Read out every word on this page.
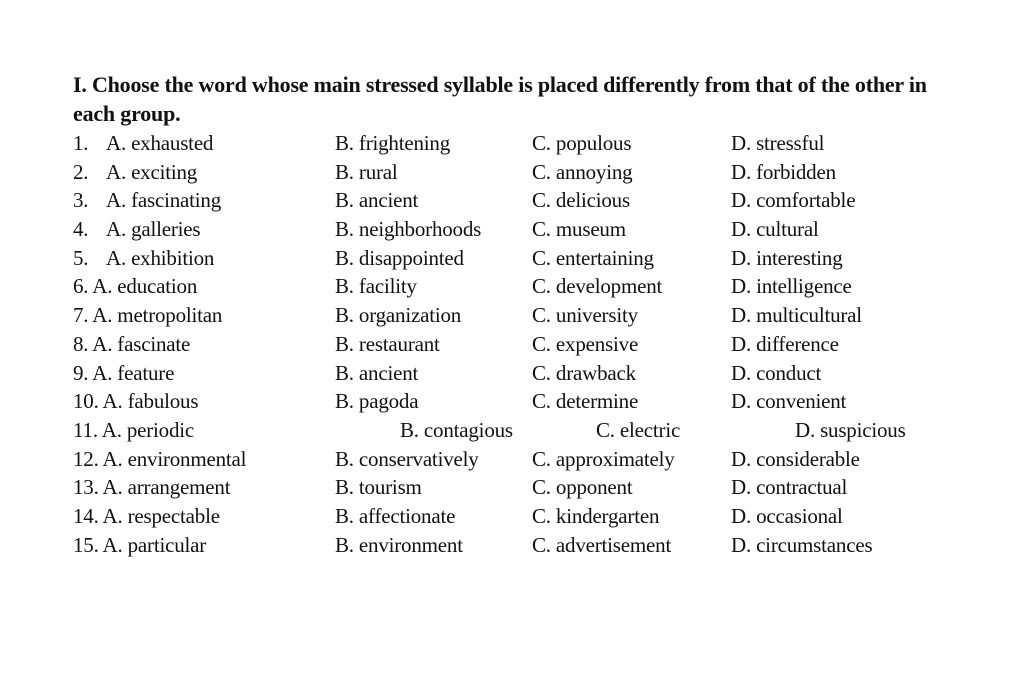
I. Choose the word whose main stressed syllable is placed differently from that of the other in each group.

1. A. exhausted	B. frightening	C. populous	D. stressful
2. A. exciting	B. rural	C. annoying	D. forbidden
3. A. fascinating	B. ancient	C. delicious	D. comfortable
4. A. galleries	B. neighborhoods C. museum	D. cultural
5. A. exhibition	B. disappointed	C. entertaining	D. interesting
6. A. education	B. facility	C. development	D. intelligence
7. A. metropolitan	B. organization	C. university	D. multicultural
8. A. fascinate	B. restaurant	C. expensive	D. difference
9. A. feature	B. ancient	C. drawback	D. conduct
10. A. fabulous	B. pagoda	C. determine	D. convenient
11. A. periodic	B. contagious	C. electric	D. suspicious
12. A. environmental	B. conservatively	C. approximately	D. considerable
13. A. arrangement	B. tourism	C. opponent	D. contractual
14. A. respectable	B. affectionate	C. kindergarten	D. occasional
15. A. particular	B. environment	C. advertisement	D. circumstances
